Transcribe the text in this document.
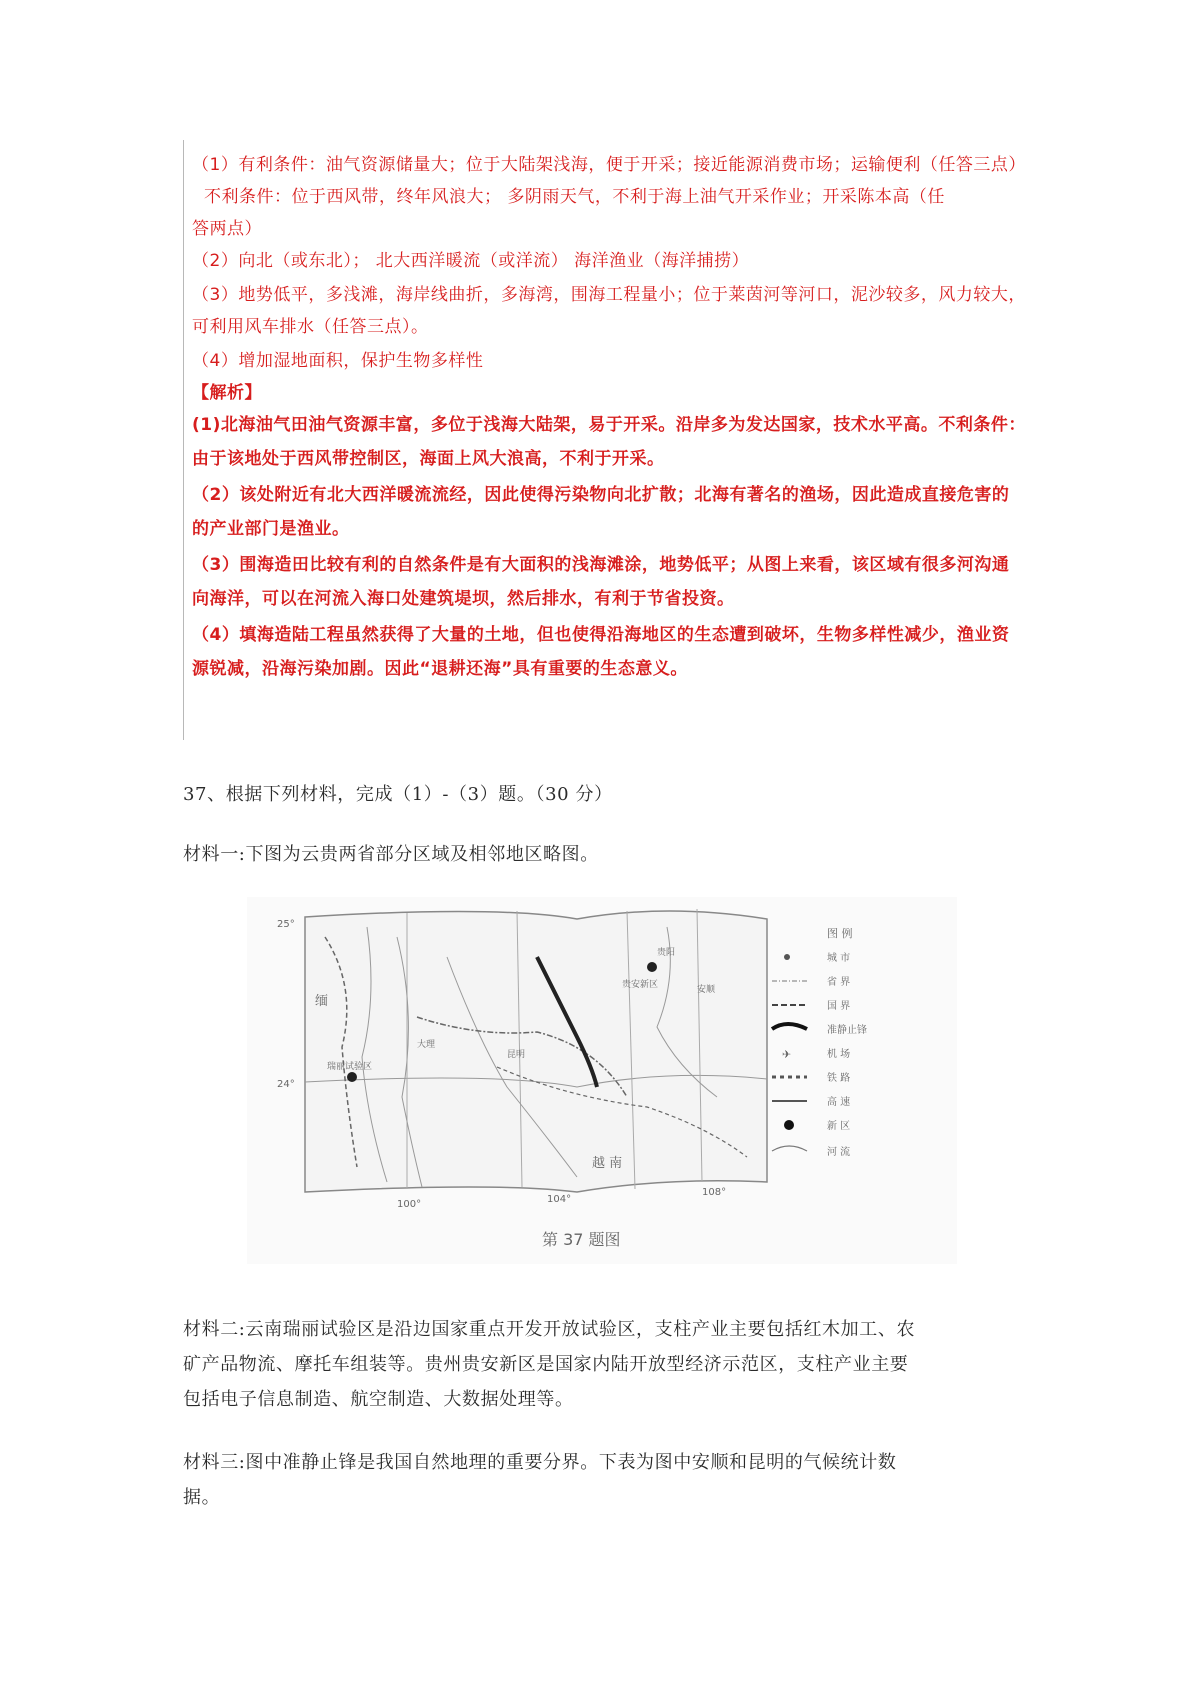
（1）有利条件：油气资源储量大；位于大陆架浅海，便于开采；接近能源消费市场；运输便利（任答三点）
不利条件：位于西风带，终年风浪大； 多阴雨天气，不利于海上油气开采作业；开采陈本高（任
答两点）
（2）向北（或东北）； 北大西洋暖流（或洋流） 海洋渔业（海洋捕捞）
（3）地势低平，多浅滩，海岸线曲折，多海湾，围海工程量小；位于莱茵河等河口，泥沙较多，风力较大，
可利用风车排水（任答三点）。
（4）增加湿地面积，保护生物多样性
【解析】
(1)北海油气田油气资源丰富，多位于浅海大陆架，易于开采。沿岸多为发达国家，技术水平高。不利条件：
由于该地处于西风带控制区，海面上风大浪高，不利于开采。
（2）该处附近有北大西洋暖流流经，因此使得污染物向北扩散；北海有著名的渔场，因此造成直接危害的
的产业部门是渔业。
（3）围海造田比较有利的自然条件是有大面积的浅海滩涂，地势低平；从图上来看，该区域有很多河沟通
向海洋，可以在河流入海口处建筑堤坝，然后排水，有利于节省投资。
（4）填海造陆工程虽然获得了大量的土地，但也使得沿海地区的生态遭到破坏，生物多样性减少，渔业资
源锐减，沿海污染加剧。因此“退耕还海”具有重要的生态意义。
37、根据下列材料，完成（1）-（3）题。（30 分）
材料一:下图为云贵两省部分区域及相邻地区略图。
缅
越 南
瑞丽试验区
贵安新区
贵阳
昆明
大理
安顺
25°
24°
100°	104°
108°
图 例
城 市
省 界
国 界
准静止锋
✈	机 场
铁 路
高 速
新 区
河 流
第 37 题图
材料二:云南瑞丽试验区是沿边国家重点开发开放试验区，支柱产业主要包括红木加工、农
矿产品物流、摩托车组装等。贵州贵安新区是国家内陆开放型经济示范区，支柱产业主要
包括电子信息制造、航空制造、大数据处理等。
材料三:图中准静止锋是我国自然地理的重要分界。下表为图中安顺和昆明的气候统计数
据。
